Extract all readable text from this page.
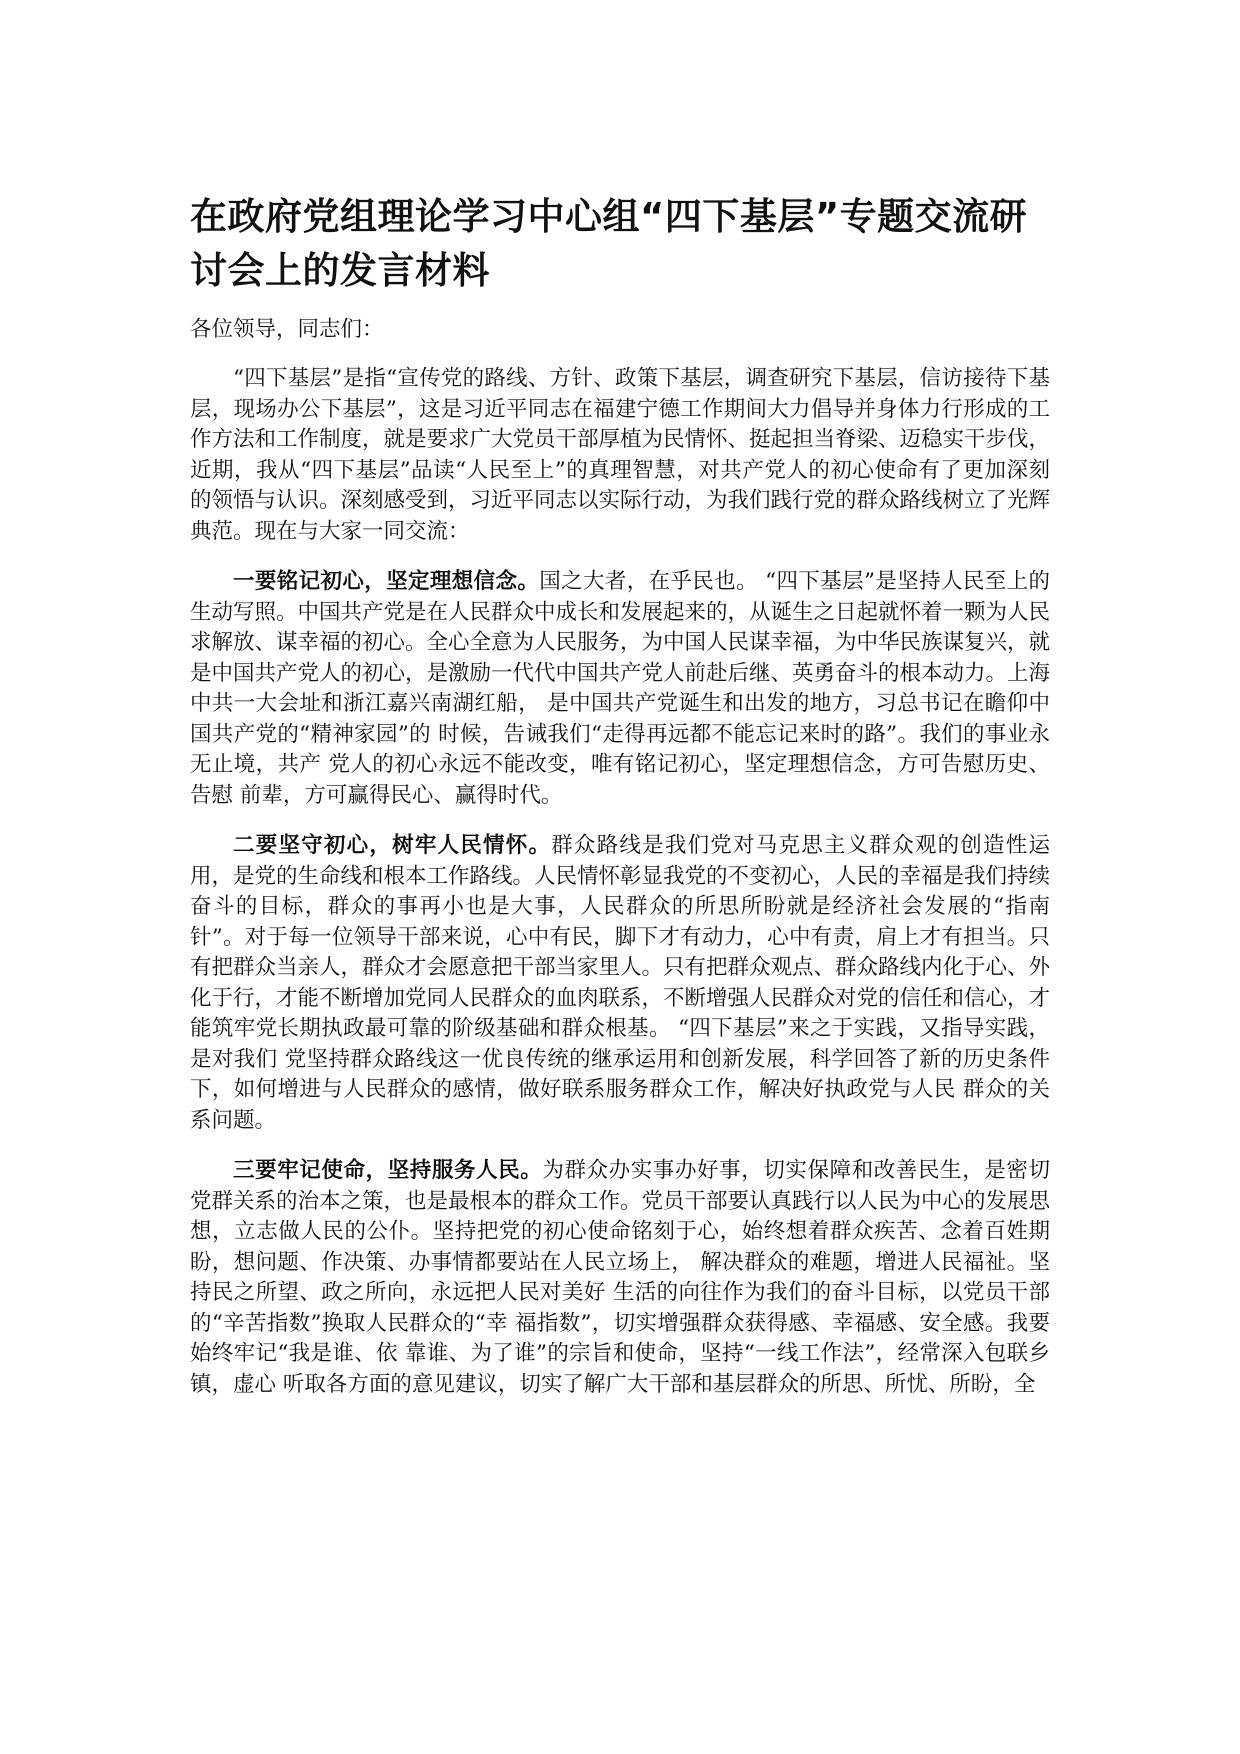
在政府党组理论学习中心组“四下基层”专题交流研讨会上的发言材料

各位领导，同志们：

“四下基层”是指“宣传党的路线、方针、政策下基层，调查研究下基层，信访接待下基层，现场办公下基层”，这是习近平同志在福建宁德工作期间大力倡导并身体力行形成的工作方法和工作制度，就是要求广大党员干部厚植为民情怀、挺起担当脊梁、迈稳实干步伐，近期，我从“四下基层”品读“人民至上”的真理智慧，对共产党人的初心使命有了更加深刻的领悟与认识。深刻感受到，习近平同志以实际行动，为我们践行党的群众路线树立了光辉典范。现在与大家一同交流：

一要铭记初心，坚定理想信念。国之大者，在乎民也。 “四下基层”是坚持人民至上的生动写照。中国共产党是在人民群众中成长和发展起来的，从诞生之日起就怀着一颗为人民求解放、谋幸福的初心。全心全意为人民服务，为中国人民谋幸福，为中华民族谋复兴，就是中国共产党人的初心，是激励一代代中国共产党人前赴后继、英勇奋斗的根本动力。上海中共一大会址和浙江嘉兴南湖红船， 是中国共产党诞生和出发的地方，习总书记在瞻仰中国共产党的“精神家园”的 时候，告诫我们“走得再远都不能忘记来时的路”。我们的事业永无止境，共产 党人的初心永远不能改变，唯有铭记初心，坚定理想信念，方可告慰历史、告慰 前辈，方可赢得民心、赢得时代。

二要坚守初心，树牢人民情怀。群众路线是我们党对马克思主义群众观的创造性运用，是党的生命线和根本工作路线。人民情怀彰显我党的不变初心，人民的幸福是我们持续奋斗的目标，群众的事再小也是大事，人民群众的所思所盼就是经济社会发展的“指南针”。对于每一位领导干部来说，心中有民，脚下才有动力，心中有责，肩上才有担当。只有把群众当亲人，群众才会愿意把干部当家里人。只有把群众观点、群众路线内化于心、外化于行，才能不断增加党同人民群众的血肉联系，不断增强人民群众对党的信任和信心，才能筑牢党长期执政最可靠的阶级基础和群众根基。 “四下基层”来之于实践，又指导实践，是对我们 党坚持群众路线这一优良传统的继承运用和创新发展，科学回答了新的历史条件 下，如何增进与人民群众的感情，做好联系服务群众工作，解决好执政党与人民 群众的关系问题。

三要牢记使命，坚持服务人民。为群众办实事办好事，切实保障和改善民生，是密切党群关系的治本之策，也是最根本的群众工作。党员干部要认真践行以人民为中心的发展思想，立志做人民的公仆。坚持把党的初心使命铭刻于心，始终想着群众疾苦、念着百姓期盼，想问题、作决策、办事情都要站在人民立场上， 解决群众的难题，增进人民福祉。坚持民之所望、政之所向，永远把人民对美好 生活的向往作为我们的奋斗目标，以党员干部的“辛苦指数”换取人民群众的“幸 福指数”，切实增强群众获得感、幸福感、安全感。我要始终牢记“我是谁、依 靠谁、为了谁”的宗旨和使命，坚持“一线工作法”，经常深入包联乡镇，虚心 听取各方面的意见建议，切实了解广大干部和基层群众的所思、所忧、所盼，全
